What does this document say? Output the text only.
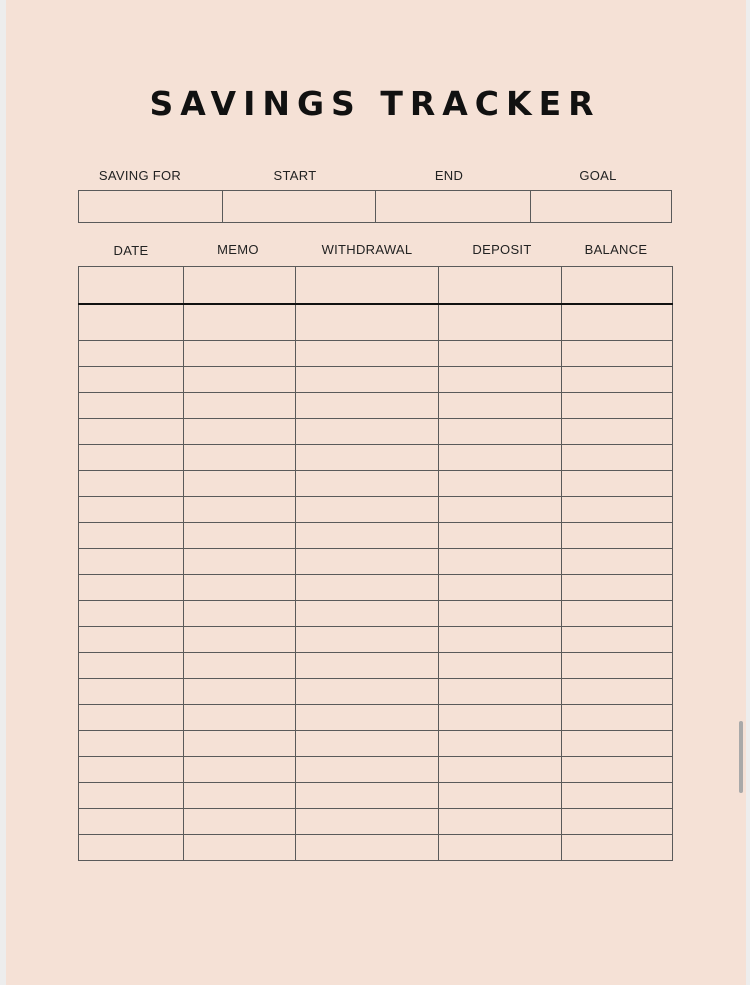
SAVINGS TRACKER
SAVING FOR	START	END	GOAL

DATE	MEMO	WITHDRAWAL	DEPOSIT	BALANCE
